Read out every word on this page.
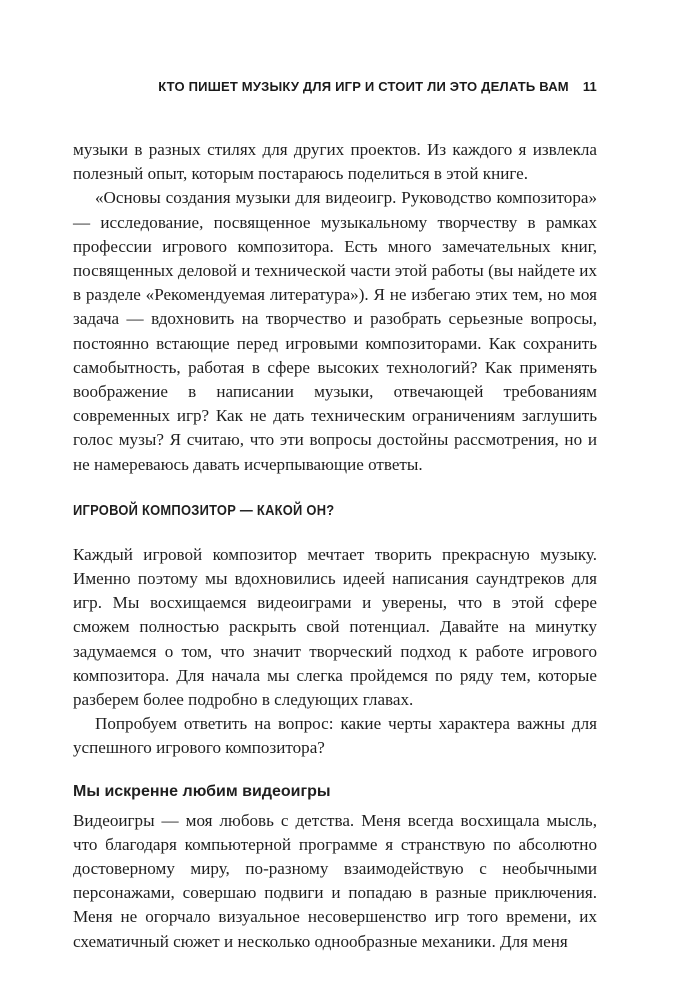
КТО ПИШЕТ МУЗЫКУ ДЛЯ ИГР И СТОИТ ЛИ ЭТО ДЕЛАТЬ ВАМ 11

музыки в разных стилях для других проектов. Из каждого я извлекла полезный опыт, которым постараюсь поделиться в этой книге.

«Основы создания музыки для видеоигр. Руководство композитора» — исследование, посвященное музыкальному творчеству в рамках профессии игрового композитора. Есть много замечательных книг, посвященных деловой и технической части этой работы (вы найдете их в разделе «Рекомендуемая литература»). Я не избегаю этих тем, но моя задача — вдохновить на творчество и разобрать серьезные вопросы, постоянно встающие перед игровыми композиторами. Как сохранить самобытность, работая в сфере высоких технологий? Как применять воображение в написании музыки, отвечающей требованиям современных игр? Как не дать техническим ограничениям заглушить голос музы? Я считаю, что эти вопросы достойны рассмотрения, но и не намереваюсь давать исчерпывающие ответы.

ИГРОВОЙ КОМПОЗИТОР — КАКОЙ ОН?

Каждый игровой композитор мечтает творить прекрасную музыку. Именно поэтому мы вдохновились идеей написания саундтреков для игр. Мы восхищаемся видеоиграми и уверены, что в этой сфере сможем полностью раскрыть свой потенциал. Давайте на минутку задумаемся о том, что значит творческий подход к работе игрового композитора. Для начала мы слегка пройдемся по ряду тем, которые разберем более подробно в следующих главах.

Попробуем ответить на вопрос: какие черты характера важны для успешного игрового композитора?

Мы искренне любим видеоигры

Видеоигры — моя любовь с детства. Меня всегда восхищала мысль, что благодаря компьютерной программе я странствую по абсолютно достоверному миру, по-разному взаимодействую с необычными персонажами, совершаю подвиги и попадаю в разные приключения. Меня не огорчало визуальное несовершенство игр того времени, их схематичный сюжет и несколько однообразные механики. Для меня
